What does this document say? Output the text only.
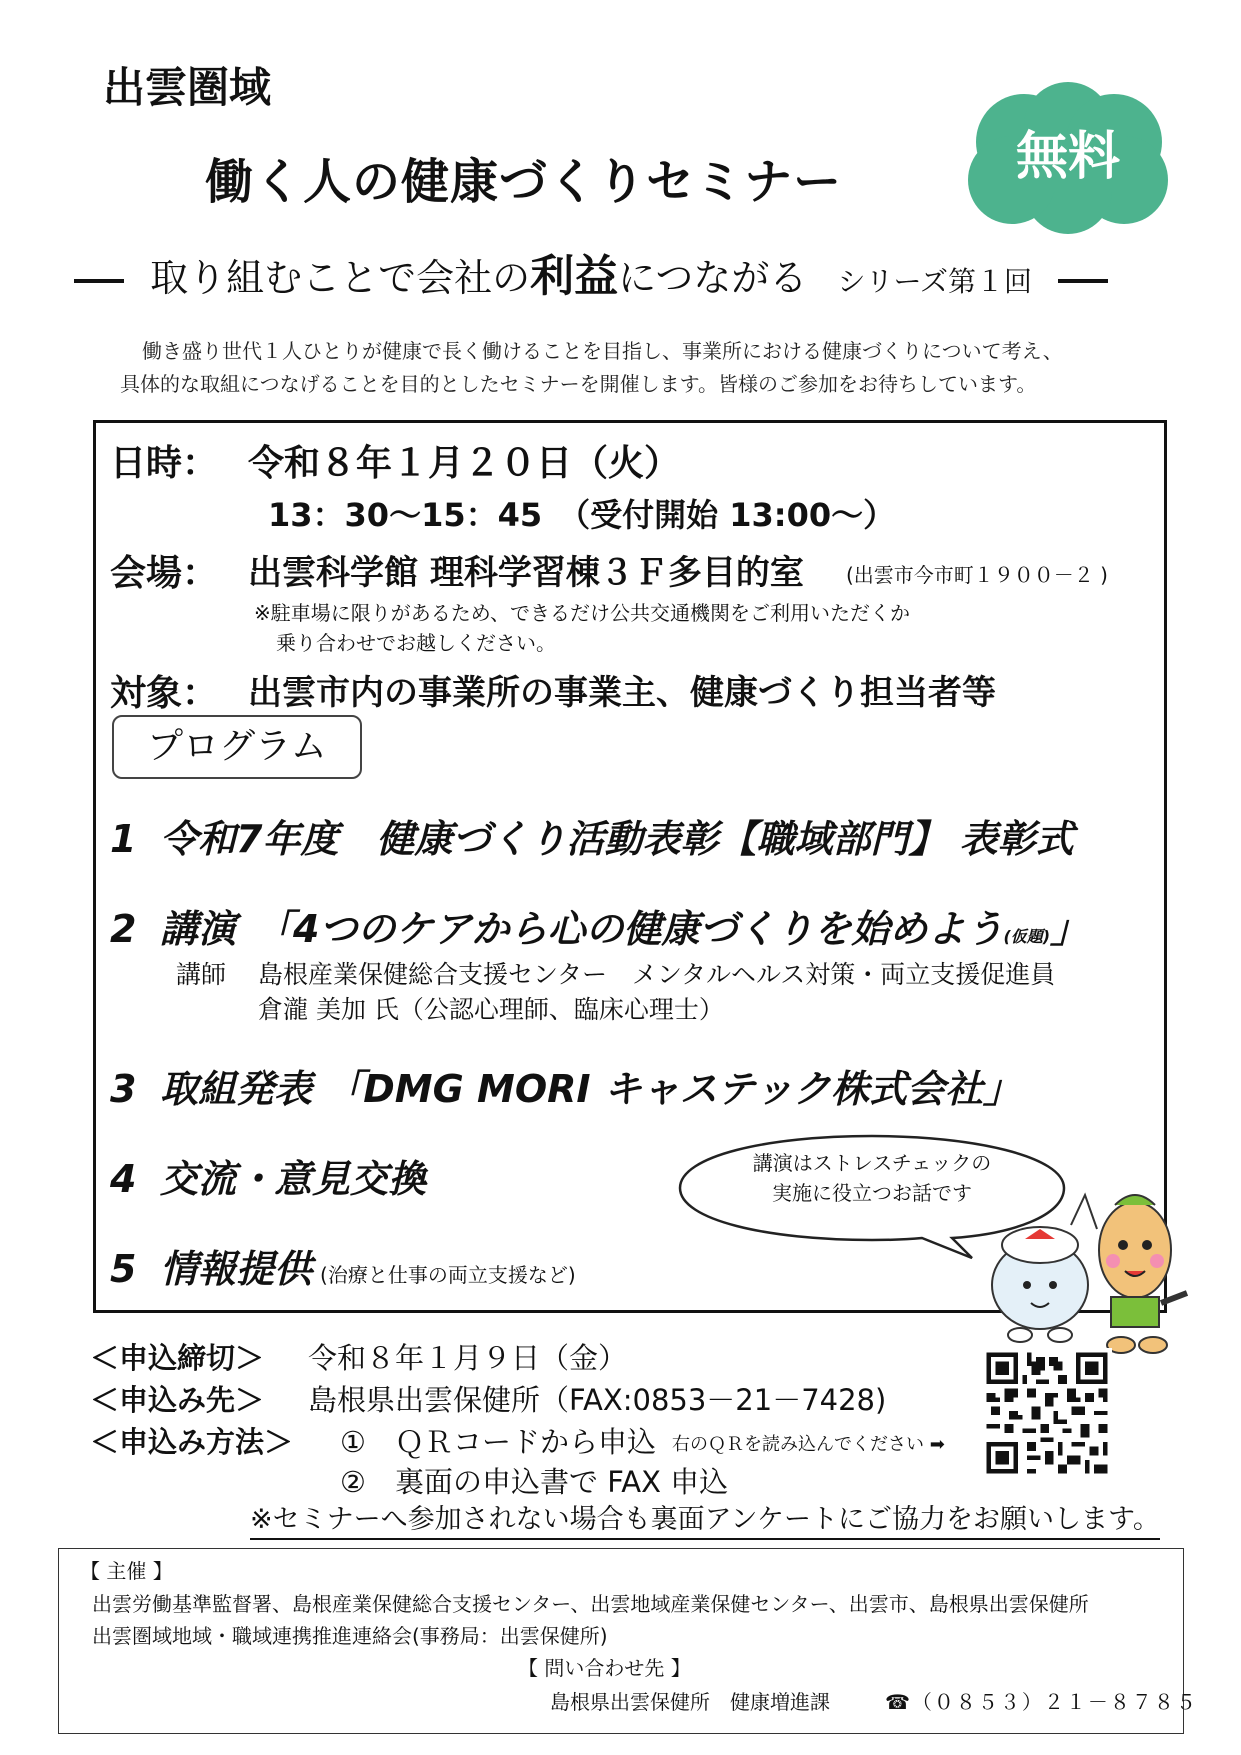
出雲圏域
働く人の健康づくりセミナー	無料
取り組むことで会社の利益につながる シリーズ第１回
働き盛り世代１人ひとりが健康で長く働けることを目指し、事業所における健康づくりについて考え、
具体的な取組につなげることを目的としたセミナーを開催します。皆様のご参加をお待ちしています。
日時： 令和８年１月２０日（火）
13：30～15：45　（受付開始 13:00～）
会場： 出雲科学館 理科学習棟３Ｆ多目的室 (出雲市今市町１９００－２ )
※駐車場に限りがあるため、できるだけ公共交通機関をご利用いただくか
乗り合わせでお越しください。
対象： 出雲市内の事業所の事業主、健康づくり担当者等
プログラム
1 令和7年度　健康づくり活動表彰【職域部門】 表彰式
2 講演　「4つのケアから心の健康づくりを始めよう(仮題)」
講師 島根産業保健総合支援センター　メンタルヘルス対策・両立支援促進員
倉瀧 美加 氏（公認心理師、臨床心理士）
3 取組発表 「DMG MORI キャステック株式会社」
4 交流・意見交換
5 情報提供 (治療と仕事の両立支援など)
講演はストレスチェックの
実施に役立つお話です
＜申込締切＞ 令和８年１月９日（金）
＜申込み先＞ 島根県出雲保健所（FAX:0853－21－7428)
＜申込み方法＞ ①　ＱＲコードから申込 右のＱＲを読み込んでください ➡
②　裏面の申込書で FAX 申込
※セミナーへ参加されない場合も裏面アンケートにご協力をお願いします。
【 主催 】
出雲労働基準監督署、島根産業保健総合支援センター、出雲地域産業保健センター、出雲市、島根県出雲保健所
出雲圏域地域・職域連携推進連絡会(事務局：出雲保健所)
【 問い合わせ先 】
島根県出雲保健所　健康増進課	☎（０８５３）２１－８７８５
